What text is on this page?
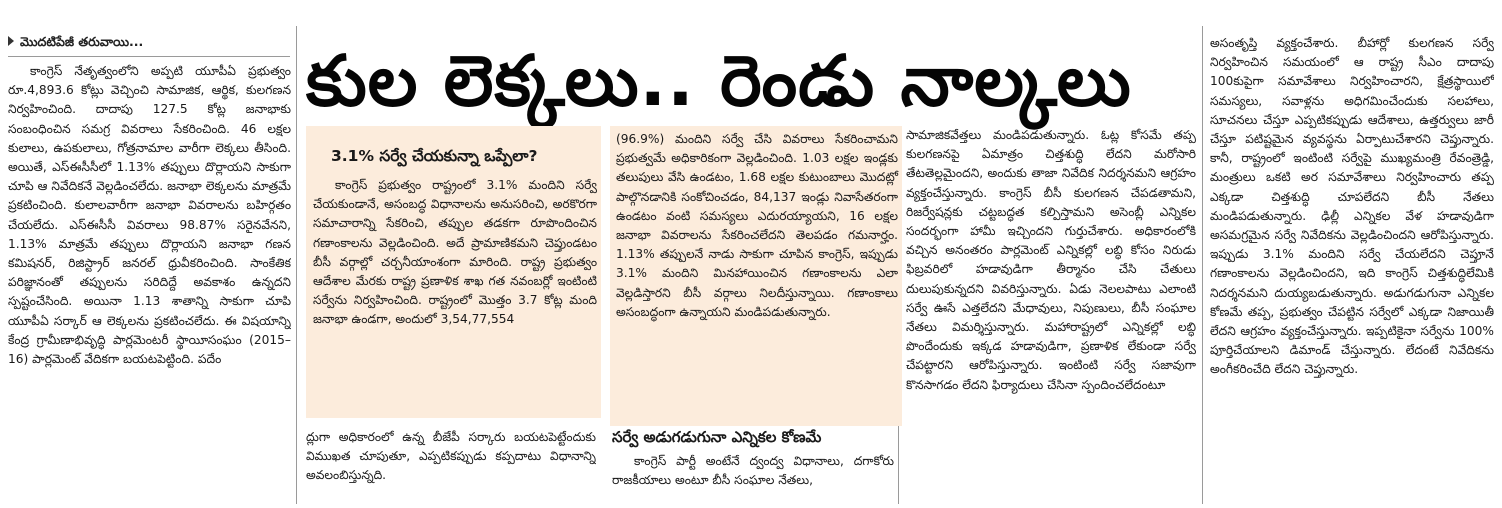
మొదటిపేజీ తరువాయి...

కాంగ్రెస్ నేతృత్వంలోని అప్పటి యూపీఏ ప్రభుత్వం రూ.4,893.6 కోట్లు వెచ్చించి సామాజిక, ఆర్థిక, కులగణన నిర్వహించింది. దాదాపు 127.5 కోట్ల జనాభాకు సంబంధించిన సమగ్ర వివరాలు సేకరించింది. 46 లక్షల కులాలు, ఉపకులాలు, గోత్రనామాల వారీగా లెక్కలు తీసింది. అయితే, ఎస్ఈసీసీలో 1.13% తప్పులు దొర్లాయని సాకుగా చూపి ఆ నివేదికనే వెల్లడించలేదు. జనాభా లెక్కలను మాత్రమే ప్రకటించింది. కులాలవారీగా జనాభా వివరాలను బహిర్గతం చేయలేదు. ఎస్ఈసీసీ వివరాలు 98.87% సరైనవేనని, 1.13% మాత్రమే తప్పులు దొర్లాయని జనాభా గణన కమిషనర్, రిజిస్ట్రార్ జనరల్ ధ్రువీకరించింది. సాంకేతిక పరిజ్ఞానంతో తప్పులను సరిదిద్దే అవకాశం ఉన్నదని స్పష్టంచేసింది. అయినా 1.13 శాతాన్ని సాకుగా చూపి యూపీఏ సర్కార్ ఆ లెక్కలను ప్రకటించలేదు. ఈ విషయాన్ని కేంద్ర గ్రామీణాభివృద్ధి పార్లమెంటరీ స్థాయీసంఘం (2015–16) పార్లమెంట్ వేదికగా బయటపెట్టింది. పదేం

కుల లెక్కలు.. రెండు నాల్కలు

3.1% సర్వే చేయకున్నా ఒప్పేలా?

కాంగ్రెస్ ప్రభుత్వం రాష్ట్రంలో 3.1% మందిని సర్వే చేయకుండానే, అసంబద్ధ విధానాలను అనుసరించి, అరకొరగా సమాచారాన్ని సేకరించి, తప్పుల తడకగా రూపొందించిన గణాంకాలను వెల్లడించింది. అదే ప్రామాణికమని చెప్తుండటం బీసీ వర్గాల్లో చర్చనీయాంశంగా మారింది. రాష్ట్ర ప్రభుత్వం ఆదేశాల మేరకు రాష్ట్ర ప్రణాళిక శాఖ గత నవంబర్లో ఇంటింటి సర్వేను నిర్వహించింది. రాష్ట్రంలో మొత్తం 3.7 కోట్ల మంది జనాభా ఉండగా, అందులో 3,54,77,554

(96.9%) మందిని సర్వే చేసి వివరాలు సేకరించామని ప్రభుత్వమే అధికారికంగా వెల్లడించింది. 1.03 లక్షల ఇండ్లకు తలుపులు వేసి ఉండటం, 1.68 లక్షల కుటుంబాలు మొదట్లో పాల్గొనడానికి సంకోచించడం, 84,137 ఇండ్లు నివాసేతరంగా ఉండటం వంటి సమస్యలు ఎదురయ్యాయని, 16 లక్షల జనాభా వివరాలను సేకరించలేదని తెలపడం గమనార్హం. 1.13% తప్పులనే నాడు సాకుగా చూపిన కాంగ్రెస్, ఇప్పుడు 3.1% మందిని మినహాయించిన గణాంకాలను ఎలా వెల్లడిస్తారని బీసీ వర్గాలు నిలదీస్తున్నాయి. గణాంకాలు అసంబద్ధంగా ఉన్నాయని మండిపడుతున్నారు.

ద్లుగా అధికారంలో ఉన్న బీజేపీ సర్కారు బయటపెట్టేందుకు విముఖత చూపుతూ, ఎప్పటికప్పుడు కప్పదాటు విధానాన్ని అవలంబిస్తున్నది.

సర్వే అడుగడుగునా ఎన్నికల కోణమే

కాంగ్రెస్ పార్టీ అంటేనే ద్వంద్వ విధానాలు, దగాకోరు రాజకీయాలు అంటూ బీసీ సంఘాల నేతలు,

సామాజికవేత్తలు మండిపడుతున్నారు. ఓట్ల కోసమే తప్ప కులగణనపై ఏమాత్రం చిత్తశుద్ధి లేదని మరోసారి తేటతెల్లమైందని, అందుకు తాజా నివేదిక నిదర్శనమని ఆగ్రహం వ్యక్తంచేస్తున్నారు. కాంగ్రెస్ బీసీ కులగణన చేపడతామని, రిజర్వేషన్లకు చట్టబద్ధత కల్పిస్తామని అసెంబ్లీ ఎన్నికల సందర్భంగా హామీ ఇచ్చిందని గుర్తుచేశారు. అధికారంలోకి వచ్చిన అనంతరం పార్లమెంట్ ఎన్నికల్లో లబ్ధి కోసం నిరుడు ఫిబ్రవరిలో హడావుడిగా తీర్మానం చేసి చేతులు దులుపుకున్నదని వివరిస్తున్నారు. ఏడు నెలలపాటు ఎలాంటి సర్వే ఊసే ఎత్తలేదని మేధావులు, నిపుణులు, బీసీ సంఘాల నేతలు విమర్శిస్తున్నారు. మహారాష్ట్రలో ఎన్నికల్లో లబ్ధి పొందేందుకు ఇక్కడ హడావుడిగా, ప్రణాళిక లేకుండా సర్వే చేపట్టారని ఆరోపిస్తున్నారు. ఇంటింటి సర్వే సజావుగా కొనసాగడం లేదని ఫిర్యాదులు చేసినా స్పందించలేదంటూ

అసంతృప్తి వ్యక్తంచేశారు. బీహార్లో కులగణన సర్వే నిర్వహించిన సమయంలో ఆ రాష్ట్ర సీఎం దాదాపు 100కుపైగా సమావేశాలు నిర్వహించారని, క్షేత్రస్థాయిలో సమస్యలు, సవాళ్లను అధిగమించేందుకు సలహాలు, సూచనలు చేస్తూ ఎప్పటికప్పుడు ఆదేశాలు, ఉత్తర్వులు జారీ చేస్తూ పటిష్టమైన వ్యవస్థను ఏర్పాటుచేశారని చెప్తున్నారు. కానీ, రాష్ట్రంలో ఇంటింటి సర్వేపై ముఖ్యమంత్రి రేవంత్రెడ్డి, మంత్రులు ఒకటి అర సమావేశాలు నిర్వహించారు తప్ప ఎక్కడా చిత్తశుద్ధి చూపలేదని బీసీ నేతలు మండిపడుతున్నారు. ఢిల్లీ ఎన్నికల వేళ హడావుడిగా అసమగ్రమైన సర్వే నివేదికను వెల్లడించిందని ఆరోపిస్తున్నారు. ఇప్పుడు 3.1% మందిని సర్వే చేయలేదని చెప్తూనే గణాంకాలను వెల్లడించిందని, ఇది కాంగ్రెస్ చిత్తశుద్ధిలేమికి నిదర్శనమని దుయ్యబడుతున్నారు. అడుగడుగునా ఎన్నికల కోణమే తప్ప, ప్రభుత్వం చేపట్టిన సర్వేలో ఎక్కడా నిజాయితీ లేదని ఆగ్రహం వ్యక్తంచేస్తున్నారు. ఇప్పటికైనా సర్వేను 100% పూర్తిచేయాలని డిమాండ్ చేస్తున్నారు. లేదంటే నివేదికను అంగీకరించేది లేదని చెప్తున్నారు.
